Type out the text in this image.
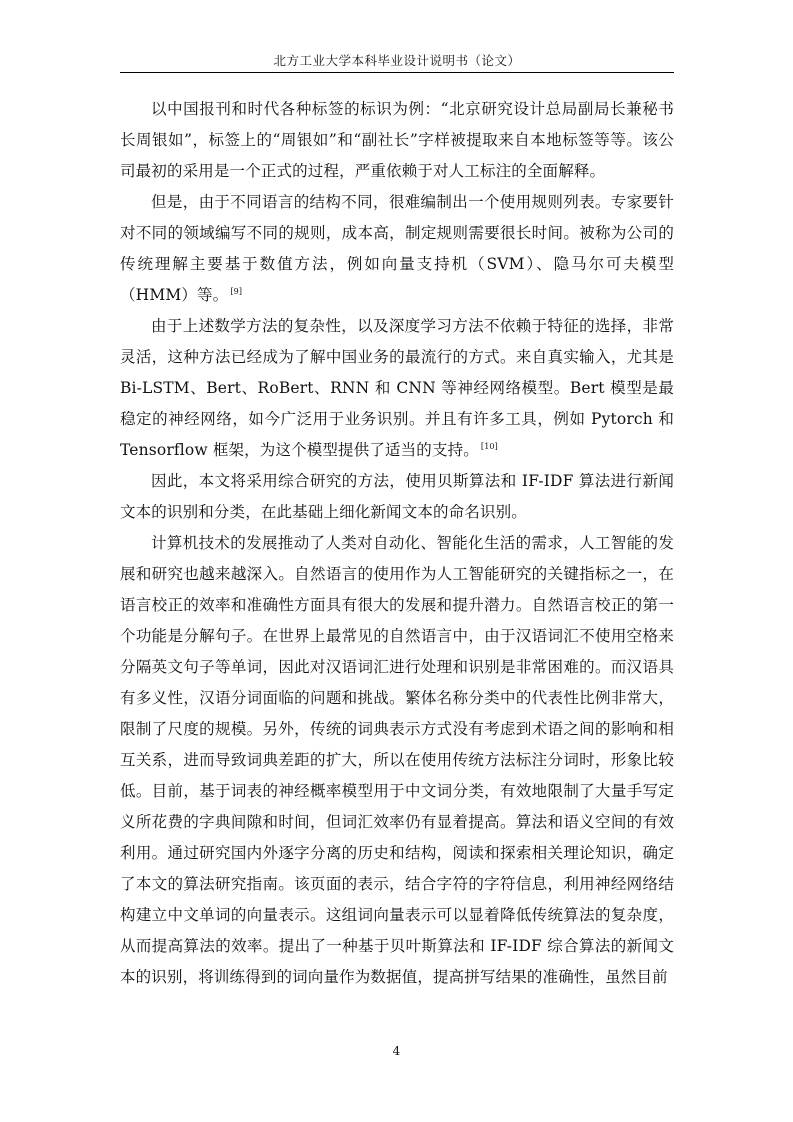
北方工业大学本科毕业设计说明书（论文）

以中国报刊和时代各种标签的标识为例：“北京研究设计总局副局长兼秘书长周银如”，标签上的“周银如”和“副社长”字样被提取来自本地标签等等。该公司最初的采用是一个正式的过程，严重依赖于对人工标注的全面解释。

但是，由于不同语言的结构不同，很难编制出一个使用规则列表。专家要针对不同的领域编写不同的规则，成本高，制定规则需要很长时间。被称为公司的传统理解主要基于数值方法，例如向量支持机（SVM）、隐马尔可夫模型（HMM）等。 [9]

由于上述数学方法的复杂性，以及深度学习方法不依赖于特征的选择，非常灵活，这种方法已经成为了解中国业务的最流行的方式。来自真实输入，尤其是Bi-LSTM、Bert、RoBert、RNN 和 CNN 等神经网络模型。Bert 模型是最稳定的神经网络，如今广泛用于业务识别。并且有许多工具，例如 Pytorch 和 Tensorflow 框架，为这个模型提供了适当的支持。 [10]

因此，本文将采用综合研究的方法，使用贝斯算法和 IF-IDF 算法进行新闻文本的识别和分类，在此基础上细化新闻文本的命名识别。

计算机技术的发展推动了人类对自动化、智能化生活的需求，人工智能的发展和研究也越来越深入。自然语言的使用作为人工智能研究的关键指标之一，在语言校正的效率和准确性方面具有很大的发展和提升潜力。自然语言校正的第一个功能是分解句子。在世界上最常见的自然语言中，由于汉语词汇不使用空格来分隔英文句子等单词，因此对汉语词汇进行处理和识别是非常困难的。而汉语具有多义性，汉语分词面临的问题和挑战。繁体名称分类中的代表性比例非常大，限制了尺度的规模。另外，传统的词典表示方式没有考虑到术语之间的影响和相互关系，进而导致词典差距的扩大，所以在使用传统方法标注分词时，形象比较低。目前，基于词表的神经概率模型用于中文词分类，有效地限制了大量手写定义所花费的字典间隙和时间，但词汇效率仍有显着提高。算法和语义空间的有效利用。通过研究国内外逐字分离的历史和结构，阅读和探索相关理论知识，确定了本文的算法研究指南。该页面的表示，结合字符的字符信息，利用神经网络结构建立中文单词的向量表示。这组词向量表示可以显着降低传统算法的复杂度，从而提高算法的效率。提出了一种基于贝叶斯算法和 IF-IDF 综合算法的新闻文本的识别，将训练得到的词向量作为数据值，提高拼写结果的准确性，虽然目前

4
